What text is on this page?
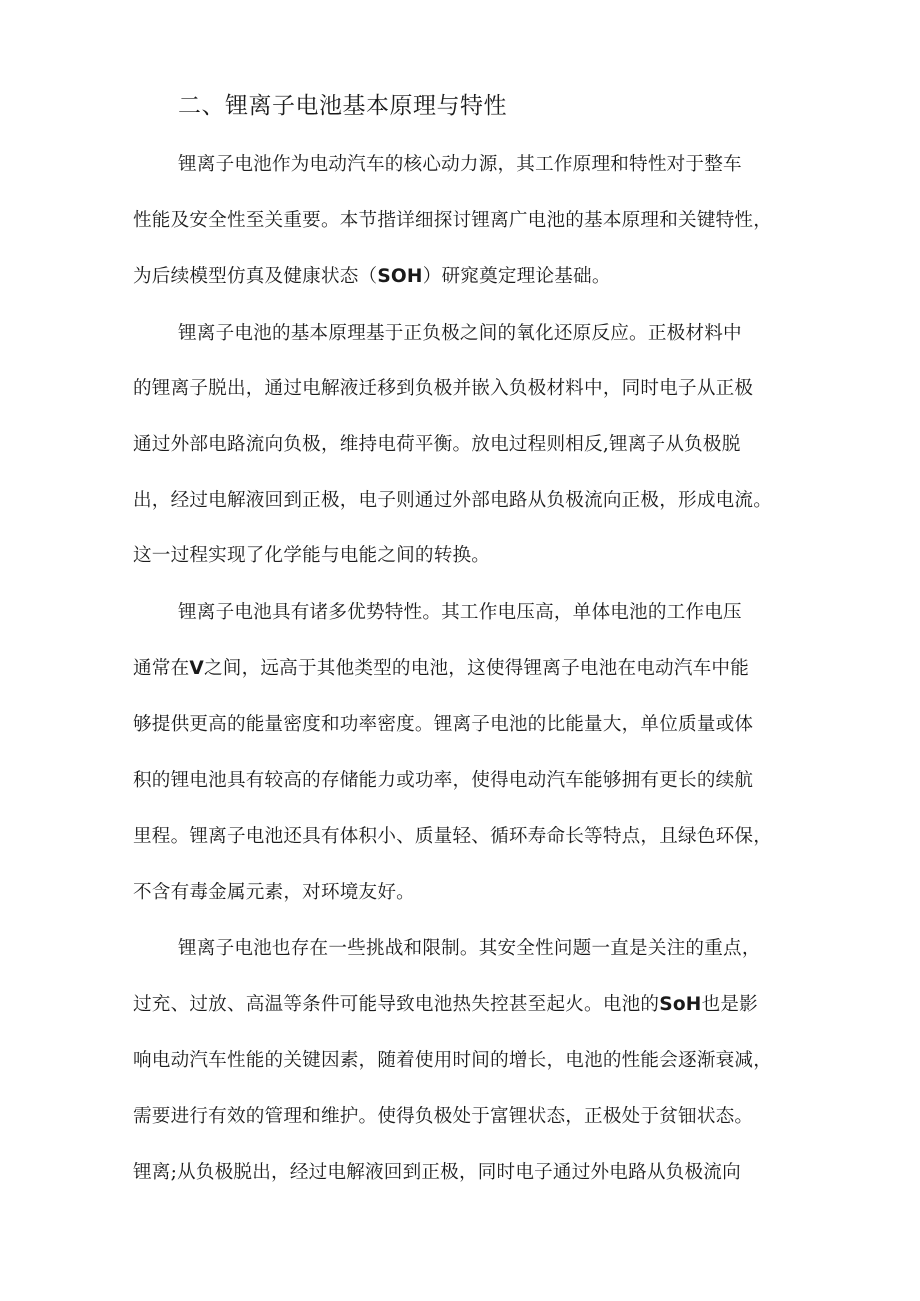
二、锂离子电池基本原理与特性
锂离子电池作为电动汽车的核心动力源，其工作原理和特性对于整车
性能及安全性至关重要。本节揩详细探讨锂离广电池的基本原理和关键特性，
为后续模型仿真及健康状态（SOH）研窕奠定理论基础。
锂离子电池的基本原理基于正负极之间的氧化还原反应。正极材料中
的锂离子脱出，通过电解液迁移到负极并嵌入负极材料中，同时电子从正极
通过外部电路流向负极，维持电荷平衡。放电过程则相反,锂离子从负极脱
出，经过电解液回到正极，电子则通过外部电路从负极流向正极，形成电流。
这一过程实现了化学能与电能之间的转换。
锂离子电池具有诸多优势特性。其工作电压高，单体电池的工作电压
通常在V之间，远高于其他类型的电池，这使得锂离子电池在电动汽车中能
够提供更高的能量密度和功率密度。锂离子电池的比能量大，单位质量或体
积的锂电池具有较高的存储能力或功率，使得电动汽车能够拥有更长的续航
里程。锂离子电池还具有体积小、质量轻、循环寿命长等特点，且绿色环保，
不含有毒金属元素，对环境友好。
锂离子电池也存在一些挑战和限制。其安全性问题一直是关注的重点，
过充、过放、高温等条件可能导致电池热失控甚至起火。电池的SoH也是影
响电动汽车性能的关键因素，随着使用时间的增长，电池的性能会逐渐衰减，
需要进行有效的管理和维护。使得负极处于富锂状态，正极处于贫钿状态。
锂离;从负极脱出，经过电解液回到正极，同时电子通过外电路从负极流向
